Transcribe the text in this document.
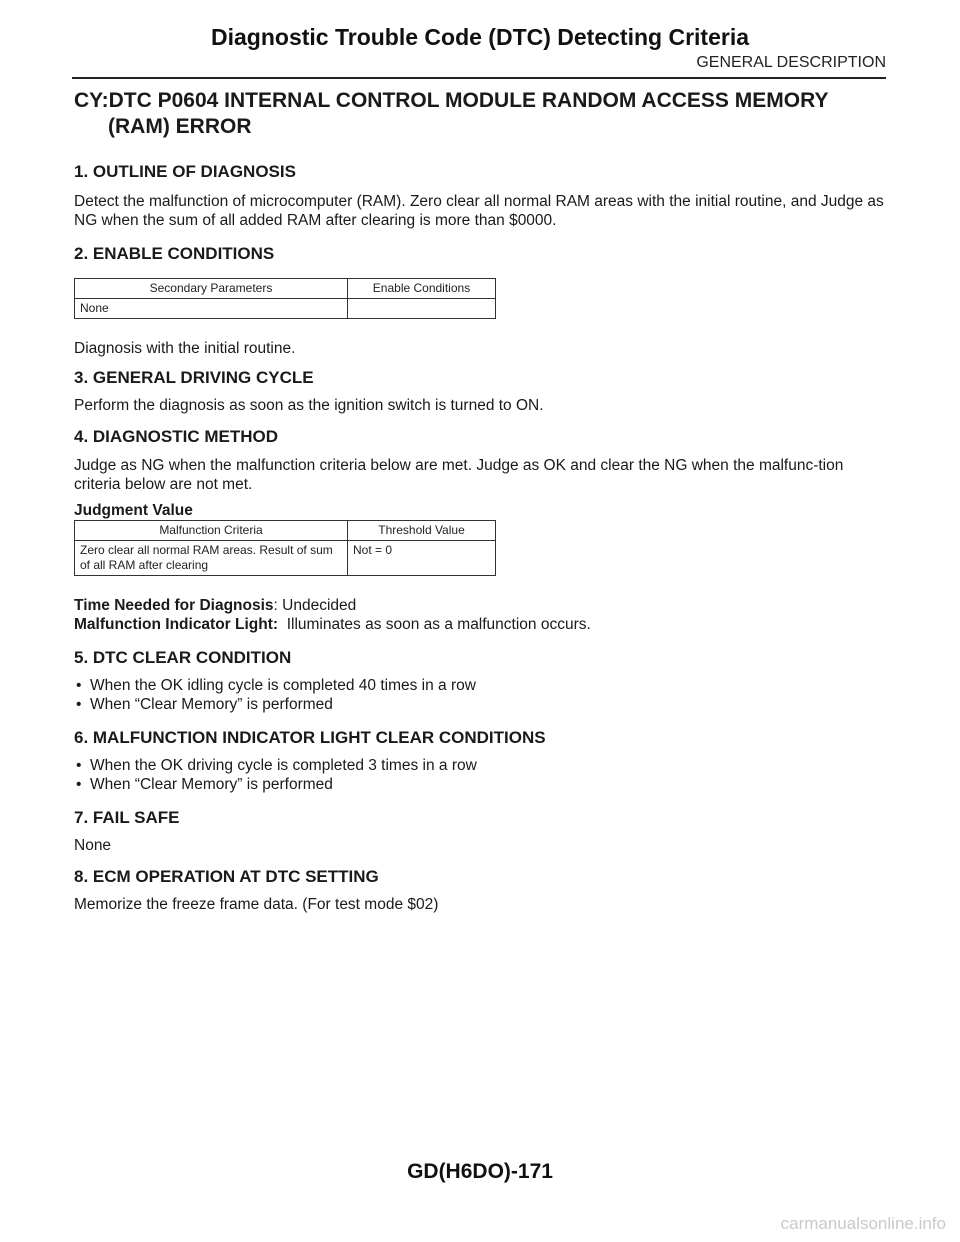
Diagnostic Trouble Code (DTC) Detecting Criteria
GENERAL DESCRIPTION
CY:DTC P0604 INTERNAL CONTROL MODULE RANDOM ACCESS MEMORY (RAM) ERROR
1. OUTLINE OF DIAGNOSIS

Detect the malfunction of microcomputer (RAM). Zero clear all normal RAM areas with the initial routine, and Judge as NG when the sum of all added RAM after clearing is more than $0000.

2. ENABLE CONDITIONS
Secondary Parameters	Enable Conditions
None	

Diagnosis with the initial routine.

3. GENERAL DRIVING CYCLE

Perform the diagnosis as soon as the ignition switch is turned to ON.

4. DIAGNOSTIC METHOD

Judge as NG when the malfunction criteria below are met. Judge as OK and clear the NG when the malfunc-tion criteria below are not met.

Judgment Value

Malfunction Criteria	Threshold Value
Zero clear all normal RAM areas. Result of sum of all RAM after clearing	Not = 0

Time Needed for Diagnosis: Undecided

Malfunction Indicator Light: Illuminates as soon as a malfunction occurs.

5. DTC CLEAR CONDITION
• When the OK idling cycle is completed 40 times in a row
• When “Clear Memory” is performed
6. MALFUNCTION INDICATOR LIGHT CLEAR CONDITIONS
• When the OK driving cycle is completed 3 times in a row
• When “Clear Memory” is performed
7. FAIL SAFE

None

8. ECM OPERATION AT DTC SETTING

Memorize the freeze frame data. (For test mode $02)

GD(H6DO)-171
carmanualsonline.info
